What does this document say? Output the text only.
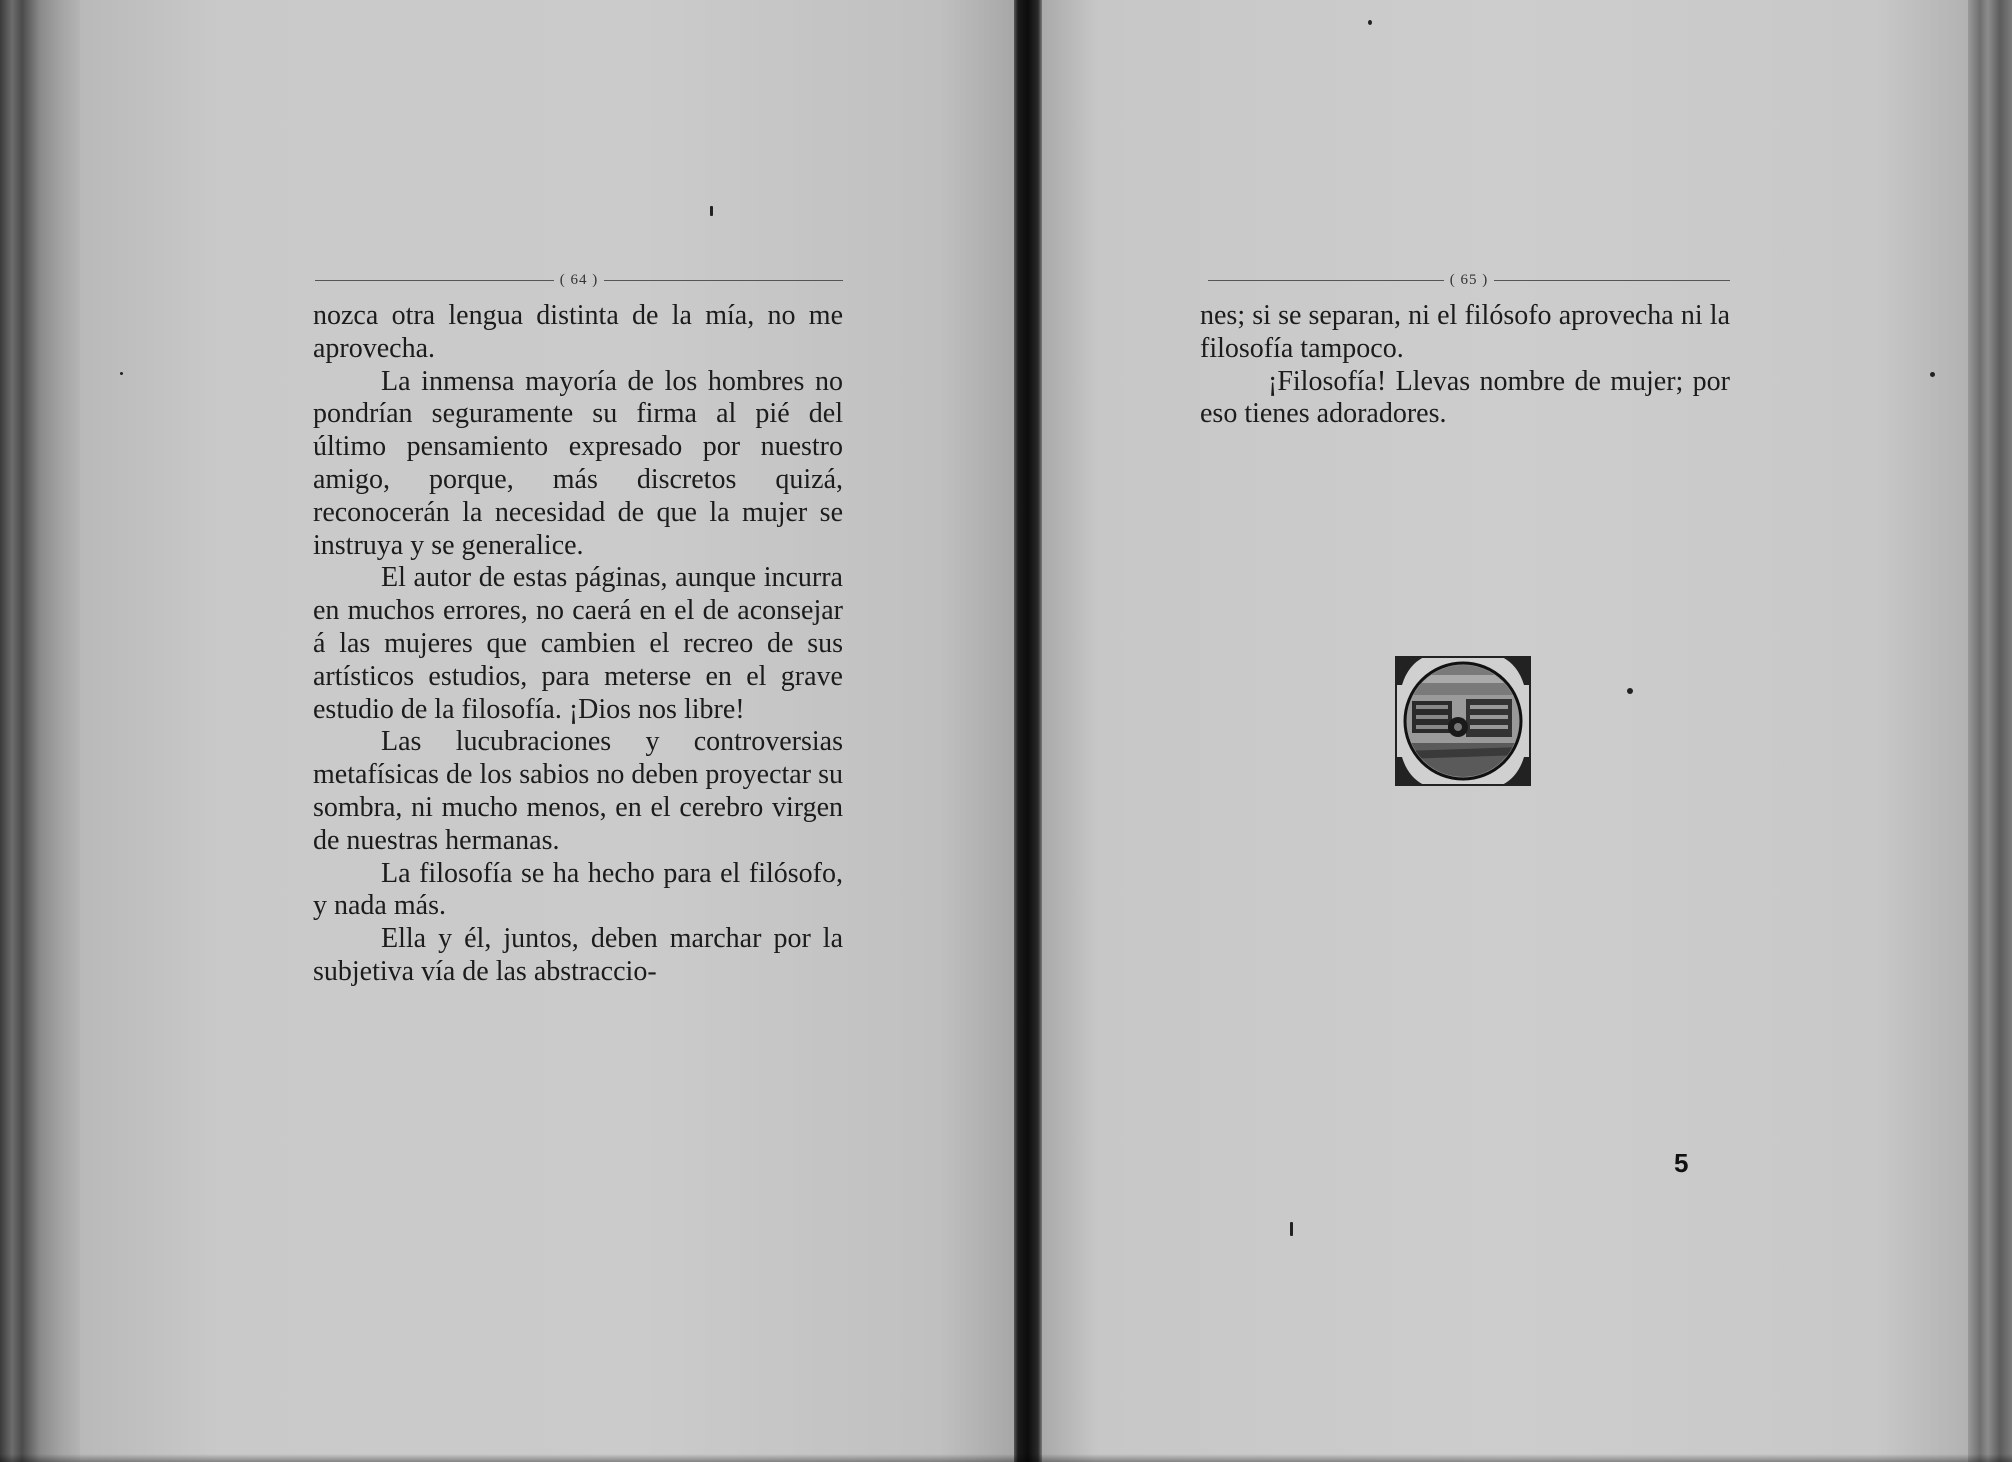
( 64 )

nozca otra lengua distinta de la mía, no me aprovecha.

La inmensa mayoría de los hombres no pondrían seguramente su firma al pié del último pensamiento expresado por nuestro amigo, porque, más discretos quizá, reconocerán la necesidad de que la mujer se instruya y se generalice.

El autor de estas páginas, aunque incurra en muchos errores, no caerá en el de aconsejar á las mujeres que cambien el recreo de sus artísticos estudios, para meterse en el grave estudio de la filosofía. ¡Dios nos libre!

Las lucubraciones y controversias metafísicas de los sabios no deben proyectar su sombra, ni mucho menos, en el cerebro virgen de nuestras hermanas.

La filosofía se ha hecho para el filósofo, y nada más.

Ella y él, juntos, deben marchar por la subjetiva vía de las abstraccio-

( 65 )

nes; si se separan, ni el filósofo aprovecha ni la filosofía tampoco.

¡Filosofía! Llevas nombre de mujer; por eso tienes adoradores.

5
